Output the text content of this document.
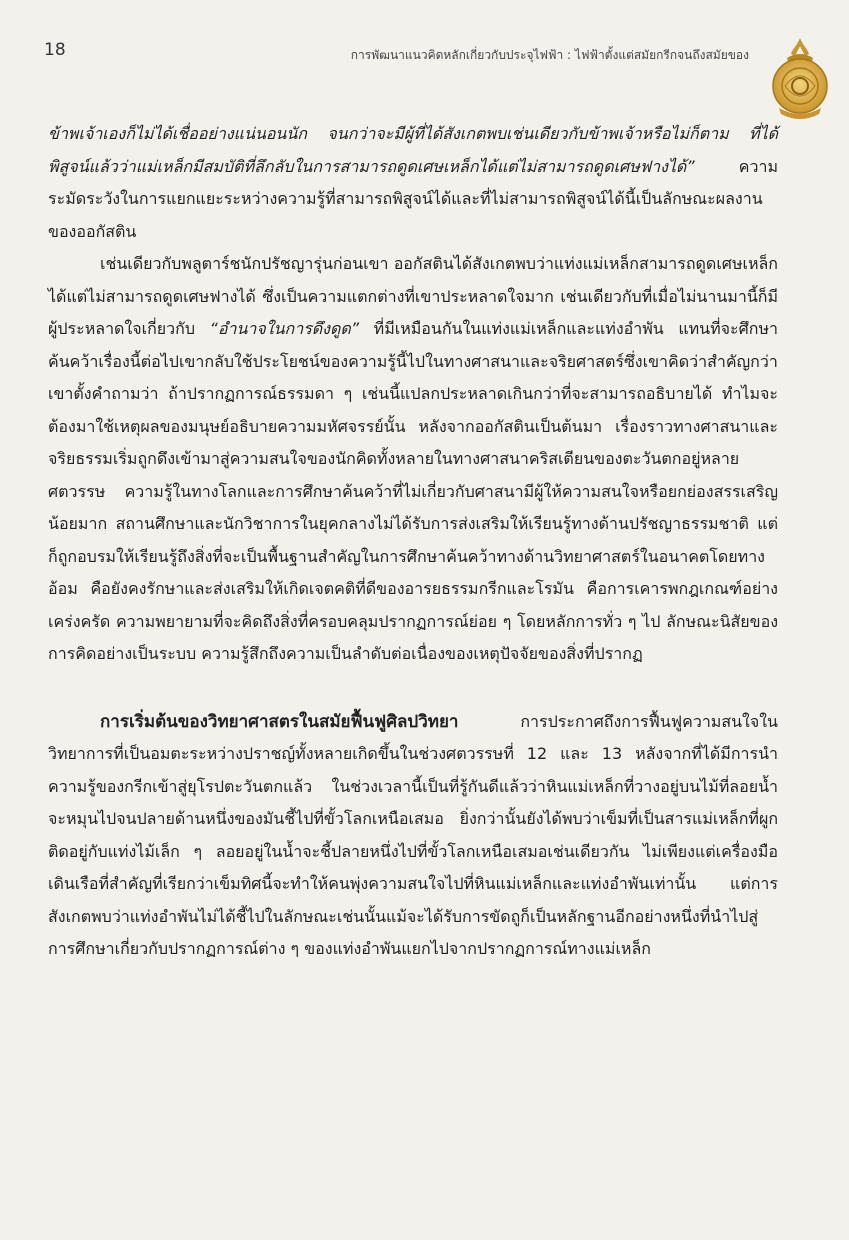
18	การพัฒนาแนวคิดหลักเกี่ยวกับประจุไฟฟ้า : ไฟฟ้าตั้งแต่สมัยกรีกจนถึงสมัยของ

ข้าพเจ้าเองก็ไม่ได้เชื่ออย่างแน่นอนนัก จนกว่าจะมีผู้ที่ได้สังเกตพบเช่นเดียวกับข้าพเจ้าหรือไม่ก็ตาม ที่ได้พิสูจน์แล้วว่าแม่เหล็กมีสมบัติที่ลึกลับในการสามารถดูดเศษเหล็กได้แต่ไม่สามารถดูดเศษฟางได้” ความระมัดระวังในการแยกแยะระหว่างความรู้ที่สามารถพิสูจน์ได้และที่ไม่สามารถพิสูจน์ได้นี้เป็นลักษณะผลงานของออกัสติน

เช่นเดียวกับพลูตาร์ชนักปรัชญารุ่นก่อนเขา ออกัสตินได้สังเกตพบว่าแท่งแม่เหล็กสามารถดูดเศษเหล็กได้แต่ไม่สามารถดูดเศษฟางได้ ซึ่งเป็นความแตกต่างที่เขาประหลาดใจมาก เช่นเดียวกับที่เมื่อไม่นานมานี้ก็มีผู้ประหลาดใจเกี่ยวกับ “อำนาจในการดึงดูด” ที่มีเหมือนกันในแท่งแม่เหล็กและแท่งอำพัน แทนที่จะศึกษาค้นคว้าเรื่องนี้ต่อไปเขากลับใช้ประโยชน์ของความรู้นี้ไปในทางศาสนาและจริยศาสตร์ซึ่งเขาคิดว่าสำคัญกว่า เขาตั้งคำถามว่า ถ้าปรากฏการณ์ธรรมดา ๆ เช่นนี้แปลกประหลาดเกินกว่าที่จะสามารถอธิบายได้ ทำไมจะต้องมาใช้เหตุผลของมนุษย์อธิบายความมหัศจรรย์นั้น หลังจากออกัสตินเป็นต้นมา เรื่องราวทางศาสนาและจริยธรรมเริ่มถูกดึงเข้ามาสู่ความสนใจของนักคิดทั้งหลายในทางศาสนาคริสเตียนของตะวันตกอยู่หลายศตวรรษ ความรู้ในทางโลกและการศึกษาค้นคว้าที่ไม่เกี่ยวกับศาสนามีผู้ให้ความสนใจหรือยกย่องสรรเสริญน้อยมาก สถานศึกษาและนักวิชาการในยุคกลางไม่ได้รับการส่งเสริมให้เรียนรู้ทางด้านปรัชญาธรรมชาติ แต่ก็ถูกอบรมให้เรียนรู้ถึงสิ่งที่จะเป็นพื้นฐานสำคัญในการศึกษาค้นคว้าทางด้านวิทยาศาสตร์ในอนาคตโดยทางอ้อม คือยังคงรักษาและส่งเสริมให้เกิดเจตคติที่ดีของอารยธรรมกรีกและโรมัน คือการเคารพกฎเกณฑ์อย่างเคร่งครัด ความพยายามที่จะคิดถึงสิ่งที่ครอบคลุมปรากฏการณ์ย่อย ๆ โดยหลักการทั่ว ๆ ไป ลักษณะนิสัยของการคิดอย่างเป็นระบบ ความรู้สึกถึงความเป็นลำดับต่อเนื่องของเหตุปัจจัยของสิ่งที่ปรากฏ

การเริ่มต้นของวิทยาศาสตรในสมัยฟื้นฟูศิลปวิทยา การประกาศถึงการฟื้นฟูความสนใจในวิทยาการที่เป็นอมตะระหว่างปราชญ์ทั้งหลายเกิดขึ้นในช่วงศตวรรษที่ 12 และ 13 หลังจากที่ได้มีการนำความรู้ของกรีกเข้าสู่ยุโรปตะวันตกแล้ว ในช่วงเวลานี้เป็นที่รู้กันดีแล้วว่าหินแม่เหล็กที่วางอยู่บนไม้ที่ลอยน้ำจะหมุนไปจนปลายด้านหนึ่งของมันชี้ไปที่ขั้วโลกเหนือเสมอ ยิ่งกว่านั้นยังได้พบว่าเข็มที่เป็นสารแม่เหล็กที่ผูกติดอยู่กับแท่งไม้เล็ก ๆ ลอยอยู่ในน้ำจะชี้ปลายหนึ่งไปที่ขั้วโลกเหนือเสมอเช่นเดียวกัน ไม่เพียงแต่เครื่องมือเดินเรือที่สำคัญที่เรียกว่าเข็มทิศนี้จะทำให้คนพุ่งความสนใจไปที่หินแม่เหล็กและแท่งอำพันเท่านั้น แต่การสังเกตพบว่าแท่งอำพันไม่ได้ชี้ไปในลักษณะเช่นนั้นแม้จะได้รับการขัดถูก็เป็นหลักฐานอีกอย่างหนึ่งที่นำไปสู่การศึกษาเกี่ยวกับปรากฏการณ์ต่าง ๆ ของแท่งอำพันแยกไปจากปรากฏการณ์ทางแม่เหล็ก
